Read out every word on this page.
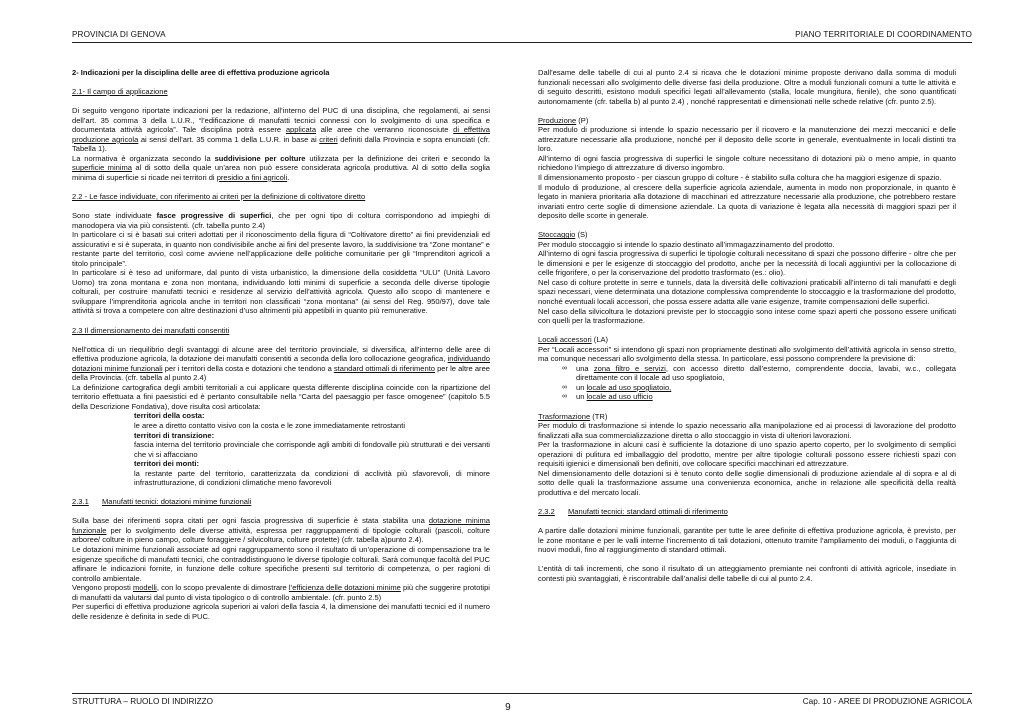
PROVINCIA DI GENOVA	PIANO TERRITORIALE DI COORDINAMENTO

2- Indicazioni per la disciplina delle aree di effettiva produzione agricola

2.1- Il campo di applicazione

Di seguito vengono riportate indicazioni per la redazione, all’interno del PUC di una disciplina, che regolamenti, ai sensi dell’art. 35 comma 3 della L.U.R., “l’edificazione di manufatti tecnici connessi con lo svolgimento di una specifica e documentata attività agricola”. Tale disciplina potrà essere applicata alle aree che verranno riconosciute di effettiva produzione agricola ai sensi dell’art. 35 comma 1 della L.U.R. in base ai criteri definiti dalla Provincia e sopra enunciati (cfr. Tabella 1).

La normativa è organizzata secondo la suddivisione per colture utilizzata per la definizione dei criteri e secondo la superficie minima al di sotto della quale un’area non può essere considerata agricola produttiva. Al di sotto della soglia minima di superficie si ricade nei territori di presidio a fini agricoli.

2.2 - Le fasce individuate, con riferimento ai criteri per la definizione di coltivatore diretto

Sono state individuate fasce progressive di superfici, che per ogni tipo di coltura corrispondono ad impieghi di manodopera via via più consistenti. (cfr. tabella punto 2.4)

In particolare ci si è basati sui criteri adottati per il riconoscimento della figura di “Coltivatore diretto” ai fini previdenziali ed assicurativi e si è superata, in quanto non condivisibile anche ai fini del presente lavoro, la suddivisione tra “Zone montane” e restante parte del territorio, così come avviene nell’applicazione delle politiche comunitarie per gli “Imprenditori agricoli a titolo principale”.

In particolare si è teso ad uniformare, dal punto di vista urbanistico, la dimensione della cosiddetta “ULU” (Unità Lavoro Uomo) tra zona montana e zona non montana, individuando lotti minimi di superficie a seconda delle diverse tipologie colturali, per costruire manufatti tecnici e residenze al servizio dell’attività agricola. Questo allo scopo di mantenere e sviluppare l’imprenditoria agricola anche in territori non classificati “zona montana” (ai sensi del Reg. 950/97), dove tale attività si trova a competere con altre destinazioni d’uso altrimenti più appetibili in quanto più remunerative.

2.3 Il dimensionamento dei manufatti consentiti

Nell’ottica di un riequilibrio degli svantaggi di alcune aree del territorio provinciale, si diversifica, all’interno delle aree di effettiva produzione agricola, la dotazione dei manufatti consentiti a seconda della loro collocazione geografica, individuando dotazioni minime funzionali per i territori della costa e dotazioni che tendono a standard ottimali di riferimento per le altre aree della Provincia. (cfr. tabella al punto 2.4)

La definizione cartografica degli ambiti territoriali a cui applicare questa differente disciplina coincide con la ripartizione del territorio effettuata a fini paesistici ed è pertanto consultabile nella “Carta del paesaggio per fasce omogenee” (capitolo 5.5 della Descrizione Fondativa), dove risulta così articolata:

territori della costa:

le aree a diretto contatto visivo con la costa e le zone immediatamente retrostanti

territori di transizione:

fascia interna del territorio provinciale che corrisponde agli ambiti di fondovalle più strutturati e dei versanti che vi si affacciano

territori dei monti:

la restante parte del territorio, caratterizzata da condizioni di acclività più sfavorevoli, di minore infrastrutturazione, di condizioni climatiche meno favorevoli

2.3.1	Manufatti tecnici: dotazioni minime funzionali

Sulla base dei riferimenti sopra citati per ogni fascia progressiva di superficie è stata stabilita una dotazione minima funzionale per lo svolgimento delle diverse attività, espressa per raggruppamenti di tipologie colturali (pascoli, colture arboree/ colture in pieno campo, colture foraggiere / silvicoltura, colture protette) (cfr. tabella a)punto 2.4).

Le dotazioni minime funzionali associate ad ogni raggruppamento sono il risultato di un’operazione di compensazione tra le esigenze specifiche di manufatti tecnici, che contraddistinguono le diverse tipologie colturali. Sarà comunque facoltà del PUC affinare le indicazioni fornite, in funzione delle colture specifiche presenti sul territorio di competenza, o per ragioni di controllo ambientale.

Vengono proposti modelli, con lo scopo prevalente di dimostrare l’efficienza delle dotazioni minime più che suggerire prototipi di manufatti da valutarsi dal punto di vista tipologico o di controllo ambientale. (cfr. punto 2.5)

Per superfici di effettiva produzione agricola superiori ai valori della fascia 4, la dimensione dei manufatti tecnici ed il numero delle residenze è definita in sede di PUC.

Dall’esame delle tabelle di cui al punto 2.4 si ricava che le dotazioni minime proposte derivano dalla somma di moduli funzionali necessari allo svolgimento delle diverse fasi della produzione. Oltre a moduli funzionali comuni a tutte le attività e di seguito descritti, esistono moduli specifici legati all’allevamento (stalla, locale mungitura, fienile), che sono quantificati autonomamente (cfr. tabella b) al punto 2.4) , nonché rappresentati e dimensionati nelle schede relative (cfr. punto 2.5).

Produzione (P)

Per modulo di produzione si intende lo spazio necessario per il ricovero e la manutenzione dei mezzi meccanici e delle attrezzature necessarie alla produzione, nonché per il deposito delle scorte in generale, eventualmente in locali distinti tra loro.

All’interno di ogni fascia progressiva di superfici le singole colture necessitano di dotazioni più o meno ampie, in quanto richiedono l’impiego di attrezzature di diverso ingombro.

Il dimensionamento proposto - per ciascun gruppo di colture - è stabilito sulla coltura che ha maggiori esigenze di spazio.

Il modulo di produzione, al crescere della superficie agricola aziendale, aumenta in modo non proporzionale, in quanto è legato in maniera prioritaria alla dotazione di macchinari ed attrezzature necessarie alla produzione, che potrebbero restare invariati entro certe soglie di dimensione aziendale. La quota di variazione è legata alla necessità di maggiori spazi per il deposito delle scorte in generale.

Stoccaggio (S)

Per modulo stoccaggio si intende lo spazio destinato all’immagazzinamento del prodotto.

All’interno di ogni fascia progressiva di superfici le tipologie colturali necessitano di spazi che possono differire - oltre che per le dimensioni e per le esigenze di stoccaggio del prodotto, anche per la necessità di locali aggiuntivi per la collocazione di celle frigorifere, o per la conservazione del prodotto trasformato (es.: olio).

Nel caso di colture protette in serre e tunnels, data la diversità delle coltivazioni praticabili all’interno di tali manufatti e degli spazi necessari, viene determinata una dotazione complessiva comprendente lo stoccaggio e la trasformazione del prodotto, nonché eventuali locali accessori, che possa essere adatta alle varie esigenze, tramite compensazioni delle superfici.

Nel caso della silvicoltura le dotazioni previste per lo stoccaggio sono intese come spazi aperti che possono essere unificati con quelli per la trasformazione.

Locali accessori (LA)

Per “Locali accessori” si intendono gli spazi non propriamente destinati allo svolgimento dell’attività agricola in senso stretto, ma comunque necessari allo svolgimento della stessa. In particolare, essi possono comprendere la previsione di:

∞ una zona filtro e servizi, con accesso diretto dall’esterno, comprendente doccia, lavabi, w.c., collegata direttamente con il locale ad uso spogliatoio,
∞ un locale ad uso spogliatoio,
∞ un locale ad uso ufficio

Trasformazione (TR)

Per modulo di trasformazione si intende lo spazio necessario alla manipolazione ed ai processi di lavorazione del prodotto finalizzati alla sua commercializzazione diretta o allo stoccaggio in vista di ulteriori lavorazioni.

Per la trasformazione in alcuni casi è sufficiente la dotazione di uno spazio aperto coperto, per lo svolgimento di semplici operazioni di pulitura ed imballaggio del prodotto, mentre per altre tipologie colturali possono essere richiesti spazi con requisiti igienici e dimensionali ben definiti, ove collocare specifici macchinari ed attrezzature.

Nel dimensionamento delle dotazioni si è tenuto conto delle soglie dimensionali di produzione aziendale al di sopra e al di sotto delle quali la trasformazione assume una convenienza economica, anche in relazione alle specificità della realtà produttiva e del mercato locali.

2.3.2	Manufatti tecnici: standard ottimali di riferimento

A partire dalle dotazioni minime funzionali, garantite per tutte le aree definite di effettiva produzione agricola, è previsto, per le zone montane e per le valli interne l’incremento di tali dotazioni, ottenuto tramite l’ampliamento dei moduli, o l’aggiunta di nuovi moduli, fino al raggiungimento di standard ottimali.

L’entità di tali incrementi, che sono il risultato di un atteggiamento premiante nei confronti di attività agricole, insediate in contesti più svantaggiati, è riscontrabile dall’analisi delle tabelle di cui al punto 2.4.

STRUTTURA – RUOLO DI INDIRIZZO
9
Cap. 10 - AREE DI PRODUZIONE AGRICOLA
